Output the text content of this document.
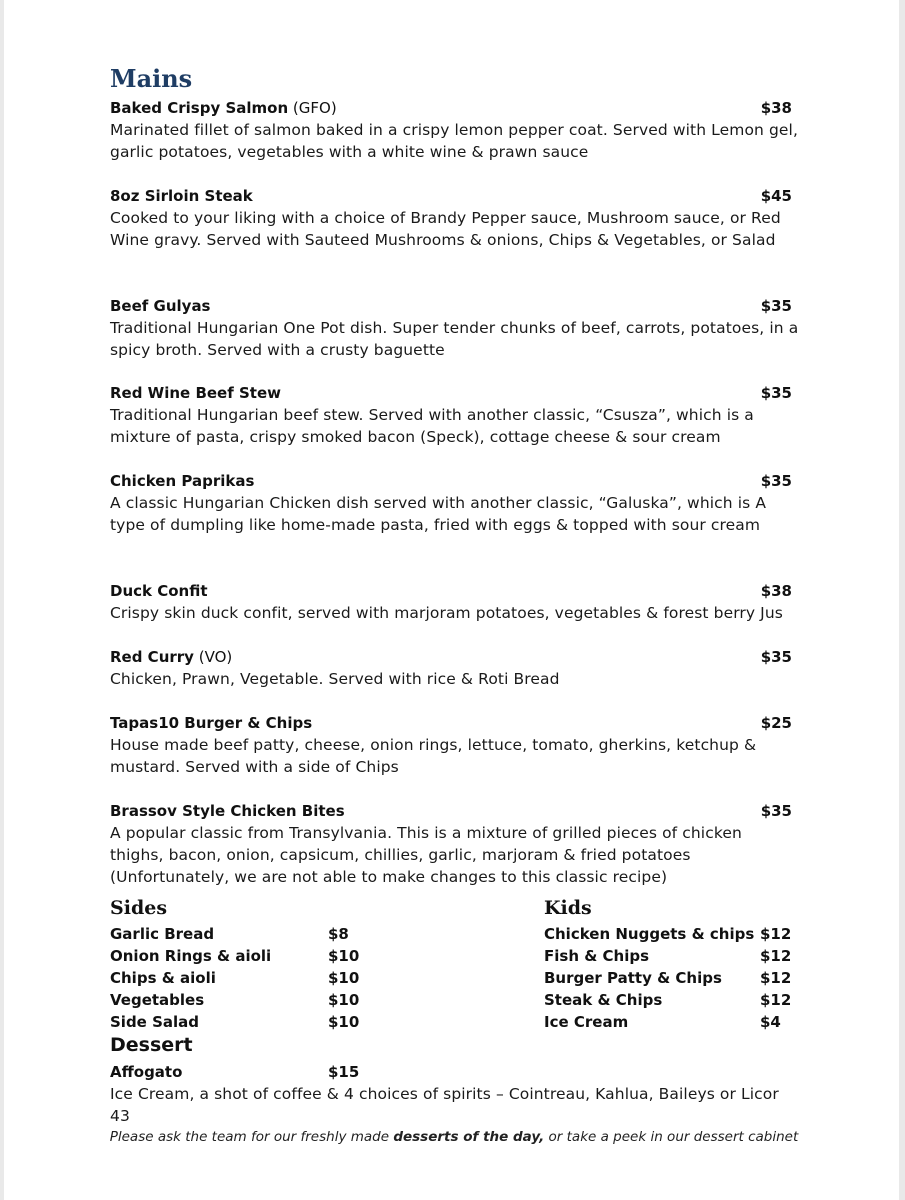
Mains
Baked Crispy Salmon (GFO)	$38
Marinated fillet of salmon baked in a crispy lemon pepper coat. Served with Lemon gel, garlic potatoes, vegetables with a white wine & prawn sauce
8oz Sirloin Steak	$45
Cooked to your liking with a choice of Brandy Pepper sauce, Mushroom sauce, or Red Wine gravy. Served with Sauteed Mushrooms & onions, Chips & Vegetables, or Salad
Beef Gulyas	$35
Traditional Hungarian One Pot dish. Super tender chunks of beef, carrots, potatoes, in a spicy broth. Served with a crusty baguette
Red Wine Beef Stew	$35
Traditional Hungarian beef stew. Served with another classic, “Csusza”, which is a mixture of pasta, crispy smoked bacon (Speck), cottage cheese & sour cream
Chicken Paprikas	$35
A classic Hungarian Chicken dish served with another classic, “Galuska”, which is A type of dumpling like home-made pasta, fried with eggs & topped with sour cream
Duck Confit	$38
Crispy skin duck confit, served with marjoram potatoes, vegetables & forest berry Jus
Red Curry (VO)	$35
Chicken, Prawn, Vegetable. Served with rice & Roti Bread
Tapas10 Burger & Chips	$25
House made beef patty, cheese, onion rings, lettuce, tomato, gherkins, ketchup & mustard. Served with a side of Chips
Brassov Style Chicken Bites	$35
A popular classic from Transylvania. This is a mixture of grilled pieces of chicken thighs, bacon, onion, capsicum, chillies, garlic, marjoram & fried potatoes (Unfortunately, we are not able to make changes to this classic recipe)
Sides
Garlic Bread	$8
Onion Rings & aioli	$10
Chips & aioli	$10
Vegetables	$10
Side Salad	$10
Kids
Chicken Nuggets & chips $12
Fish & Chips	$12
Burger Patty & Chips	$12
Steak & Chips	$12
Ice Cream	$4
Dessert
Affogato	$15
Ice Cream, a shot of coffee & 4 choices of spirits – Cointreau, Kahlua, Baileys or Licor 43
Please ask the team for our freshly made desserts of the day, or take a peek in our dessert cabinet
